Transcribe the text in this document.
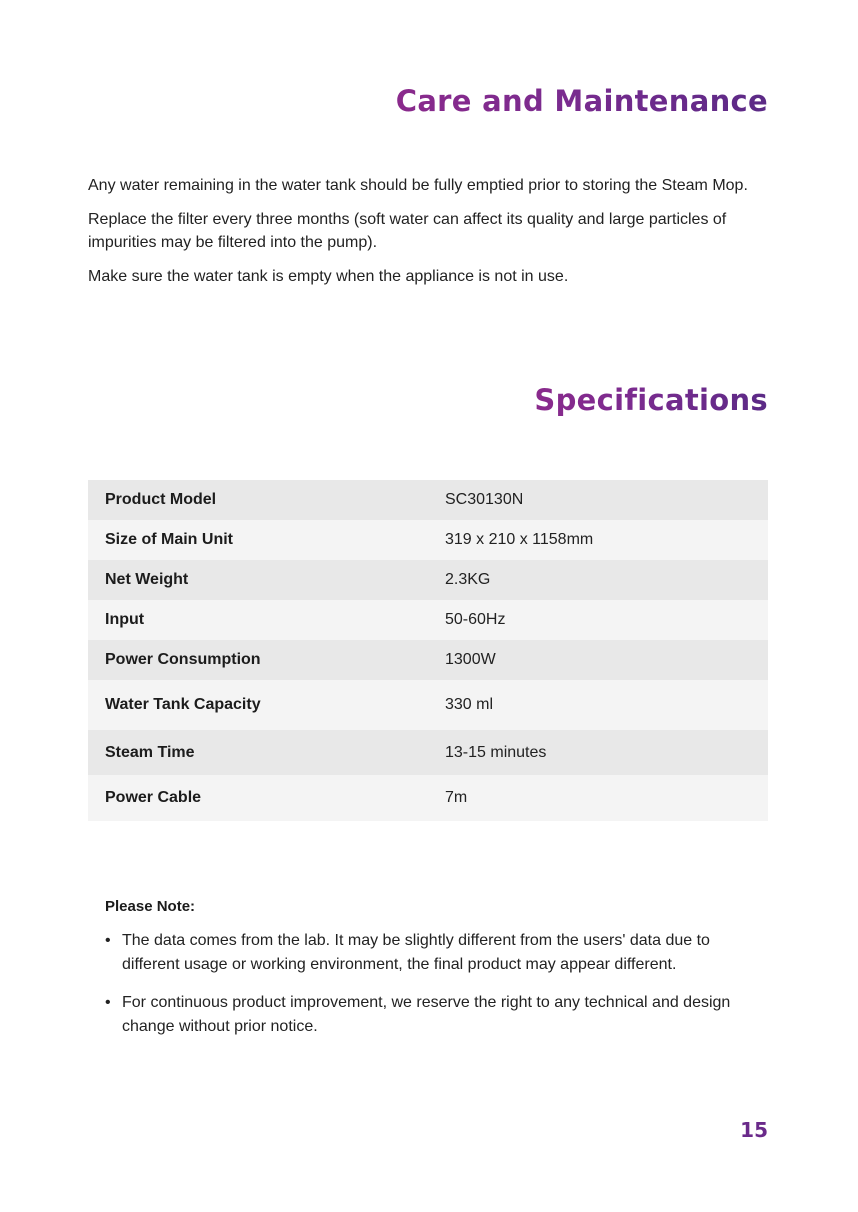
Care and Maintenance

Any water remaining in the water tank should be fully emptied prior to storing the Steam Mop.

Replace the filter every three months (soft water can affect its quality and large particles of impurities may be filtered into the pump).

Make sure the water tank is empty when the appliance is not in use.

Specifications
Product Model	SC30130N
Size of Main Unit	319 x 210 x 1158mm
Net Weight	2.3KG
Input	50-60Hz
Power Consumption	1300W
Water Tank Capacity	330 ml
Steam Time	13-15 minutes
Power Cable	7m
Please Note:
• The data comes from the lab. It may be slightly different from the users' data due to different usage or working environment, the final product may appear different.
• For continuous product improvement, we reserve the right to any technical and design change without prior notice.
15
